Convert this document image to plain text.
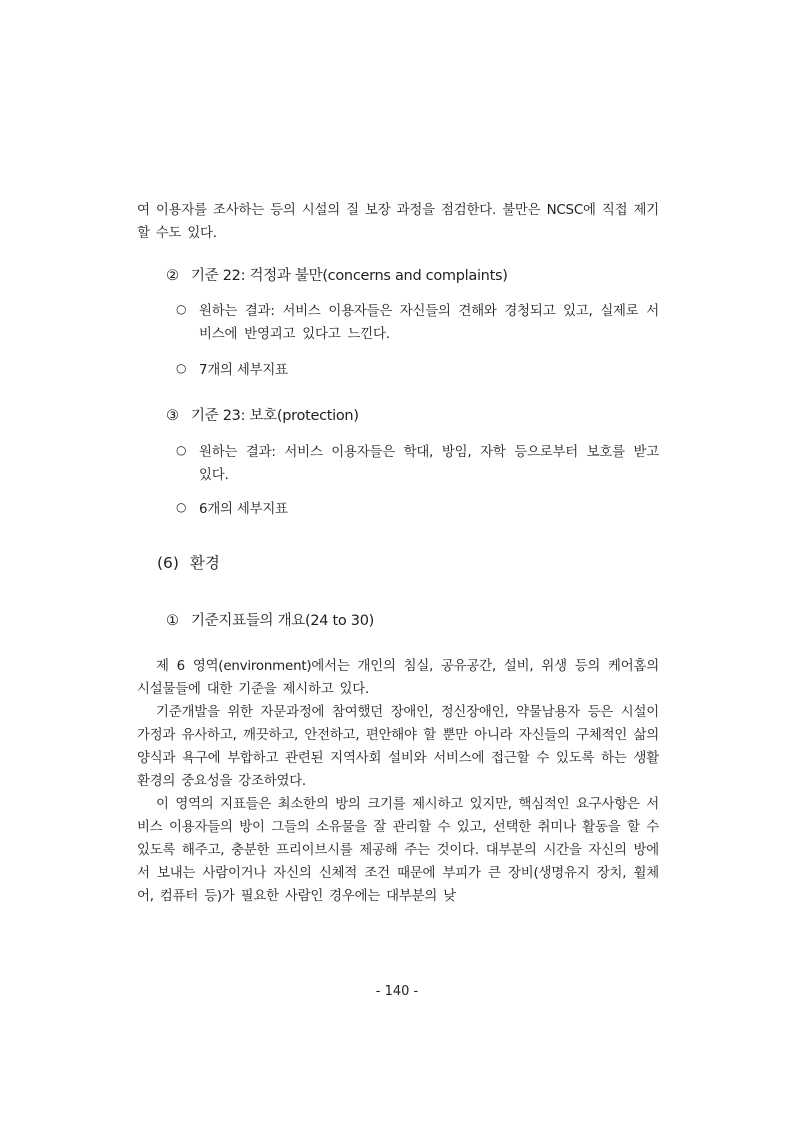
여 이용자를 조사하는 등의 시설의 질 보장 과정을 점검한다. 불만은 NCSC에 직접 제기할 수도 있다.

② 기준 22: 걱정과 불만(concerns and complaints)
○ 원하는 결과: 서비스 이용자들은 자신들의 견해와 경청되고 있고, 실제로 서비스에 반영괴고 있다고 느낀다.

○ 7개의 세부지표

③ 기준 23: 보호(protection)
○ 원하는 결과: 서비스 이용자들은 학대, 방임, 자학 등으로부터 보호를 받고 있다.

○ 6개의 세부지표

(6) 환경
① 기준지표들의 개요(24 to 30)

제 6 영역(environment)에서는 개인의 침실, 공유공간, 설비, 위생 등의 케어홈의 시설물들에 대한 기준을 제시하고 있다.

기준개발을 위한 자문과정에 참여했던 장애인, 정신장애인, 약물남용자 등은 시설이 가정과 유사하고, 깨끗하고, 안전하고, 편안해야 할 뿐만 아니라 자신들의 구체적인 삶의 양식과 욕구에 부합하고 관련된 지역사회 설비와 서비스에 접근할 수 있도록 하는 생활환경의 중요성을 강조하였다.

이 영역의 지표들은 최소한의 방의 크기를 제시하고 있지만, 핵심적인 요구사항은 서비스 이용자들의 방이 그들의 소유물을 잘 관리할 수 있고, 선택한 취미나 활동을 할 수 있도록 해주고, 충분한 프리이브시를 제공해 주는 것이다. 대부분의 시간을 자신의 방에서 보내는 사람이거나 자신의 신체적 조건 때문에 부피가 큰 장비(생명유지 장치, 휠체어, 컴퓨터 등)가 필요한 사람인 경우에는 대부분의 낮

- 140 -
